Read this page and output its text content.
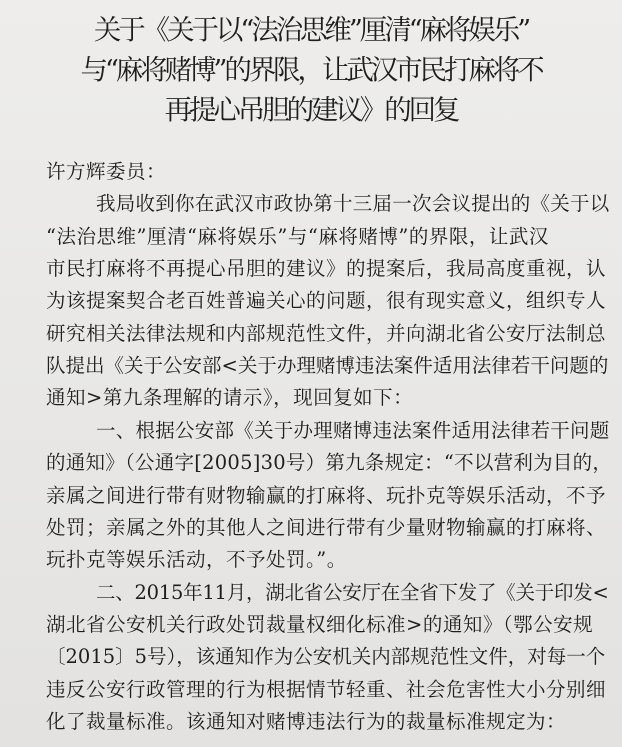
关于《关于以“法治思维”厘清“麻将娱乐”
与“麻将赌博”的界限，让武汉市民打麻将不
再提心吊胆的建议》的回复
许方辉委员：
我局收到你在武汉市政协第十三届一次会议提出的《关于以
“法治思维”厘清“麻将娱乐”与“麻将赌博”的界限，让武汉
市民打麻将不再提心吊胆的建议》的提案后，我局高度重视，认
为该提案契合老百姓普遍关心的问题，很有现实意义，组织专人
研究相关法律法规和内部规范性文件，并向湖北省公安厅法制总
队提出《关于公安部<关于办理赌博违法案件适用法律若干问题的
通知>第九条理解的请示》，现回复如下：
一、根据公安部《关于办理赌博违法案件适用法律若干问题
的通知》（公通字[2005]30号）第九条规定：“不以营利为目的，
亲属之间进行带有财物输赢的打麻将、玩扑克等娱乐活动，不予
处罚；亲属之外的其他人之间进行带有少量财物输赢的打麻将、
玩扑克等娱乐活动，不予处罚。”。
二、2015年11月，湖北省公安厅在全省下发了《关于印发<
湖北省公安机关行政处罚裁量权细化标准>的通知》（鄂公安规
〔2015〕5号），该通知作为公安机关内部规范性文件，对每一个
违反公安行政管理的行为根据情节轻重、社会危害性大小分别细
化了裁量标准。该通知对赌博违法行为的裁量标准规定为：
